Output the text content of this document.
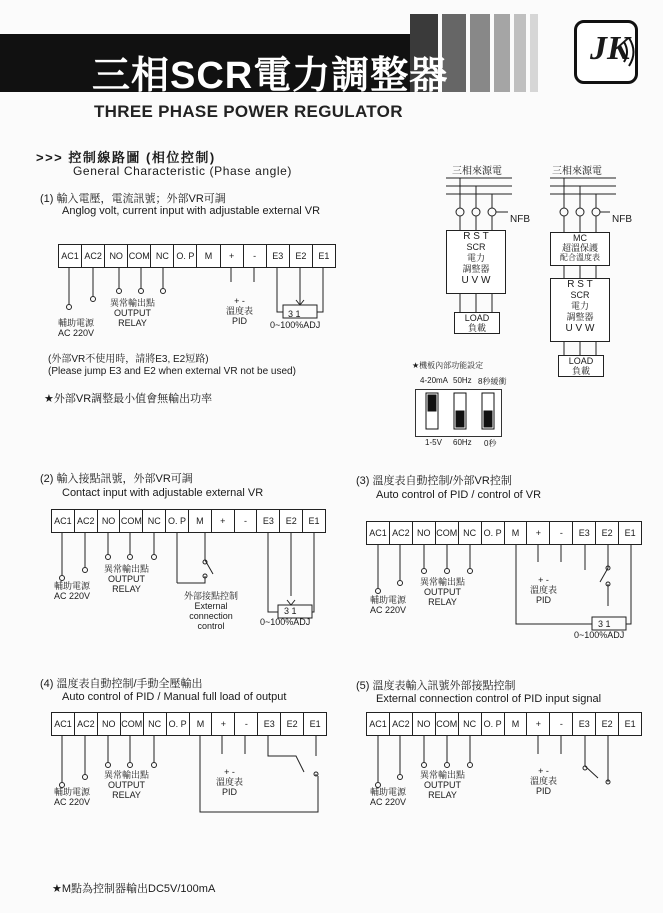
三相SCR電力調整器
JK
THREE PHASE POWER REGULATOR
>>> 控制線路圖 (相位控制)
General Characteristic (Phase angle)
(1) 輸入電壓，電流訊號；外部VR可調
Anglog volt, current input with adjustable external VR
AC1 AC2 NO COM NC O. P	M	+	-	E3	E2	E1
輔助電源
AC 220V
異常輸出點
OUTPUT
RELAY
+ -
溫度表
PID
3 1
0~100%ADJ
(外部VR不使用時，請將E3, E2短路)
(Please jump E3 and E2 when external VR not be used)
★外部VR調整最小值會無輸出功率
三相來源電	三相來源電
NFB	NFB
R S T
SCR
電力
調整器
U V W
LOAD
負載
MC
超溫保護
配合溫度表
R S T
SCR
電力
調整器
U V W
LOAD
負載
★機板內部功能設定
4-20mA 50Hz 8秒緩衝
1-5V 60Hz 0秒
(2) 輸入接點訊號，外部VR可調
Contact input with adjustable external VR
AC1 AC2 NO COM NC O. P	M	+	-	E3	E2	E1
輔助電源
AC 220V
異常輸出點
OUTPUT
RELAY
外部接點控制
External
connection
control
3 1
0~100%ADJ
(3) 溫度表自動控制/外部VR控制
Auto control of PID / control of VR
AC1 AC2 NO COM NC O. P	M	+	-	E3	E2	E1
輔助電源
AC 220V
異常輸出點
OUTPUT
RELAY
+ -
溫度表
PID
3 1
0~100%ADJ
(4) 溫度表自動控制/手動全壓輸出
Auto control of PID / Manual full load of output
AC1 AC2 NO COM NC O. P	M	+	-	E3	E2	E1
輔助電源
AC 220V
異常輸出點
OUTPUT
RELAY
+ -
溫度表
PID
(5) 溫度表輸入訊號外部接點控制
External connection control of PID input signal
AC1 AC2 NO COM NC O. P	M	+	-	E3	E2	E1
輔助電源
AC 220V
異常輸出點
OUTPUT
RELAY
+ -
溫度表
PID
★M點為控制器輸出DC5V/100mA
